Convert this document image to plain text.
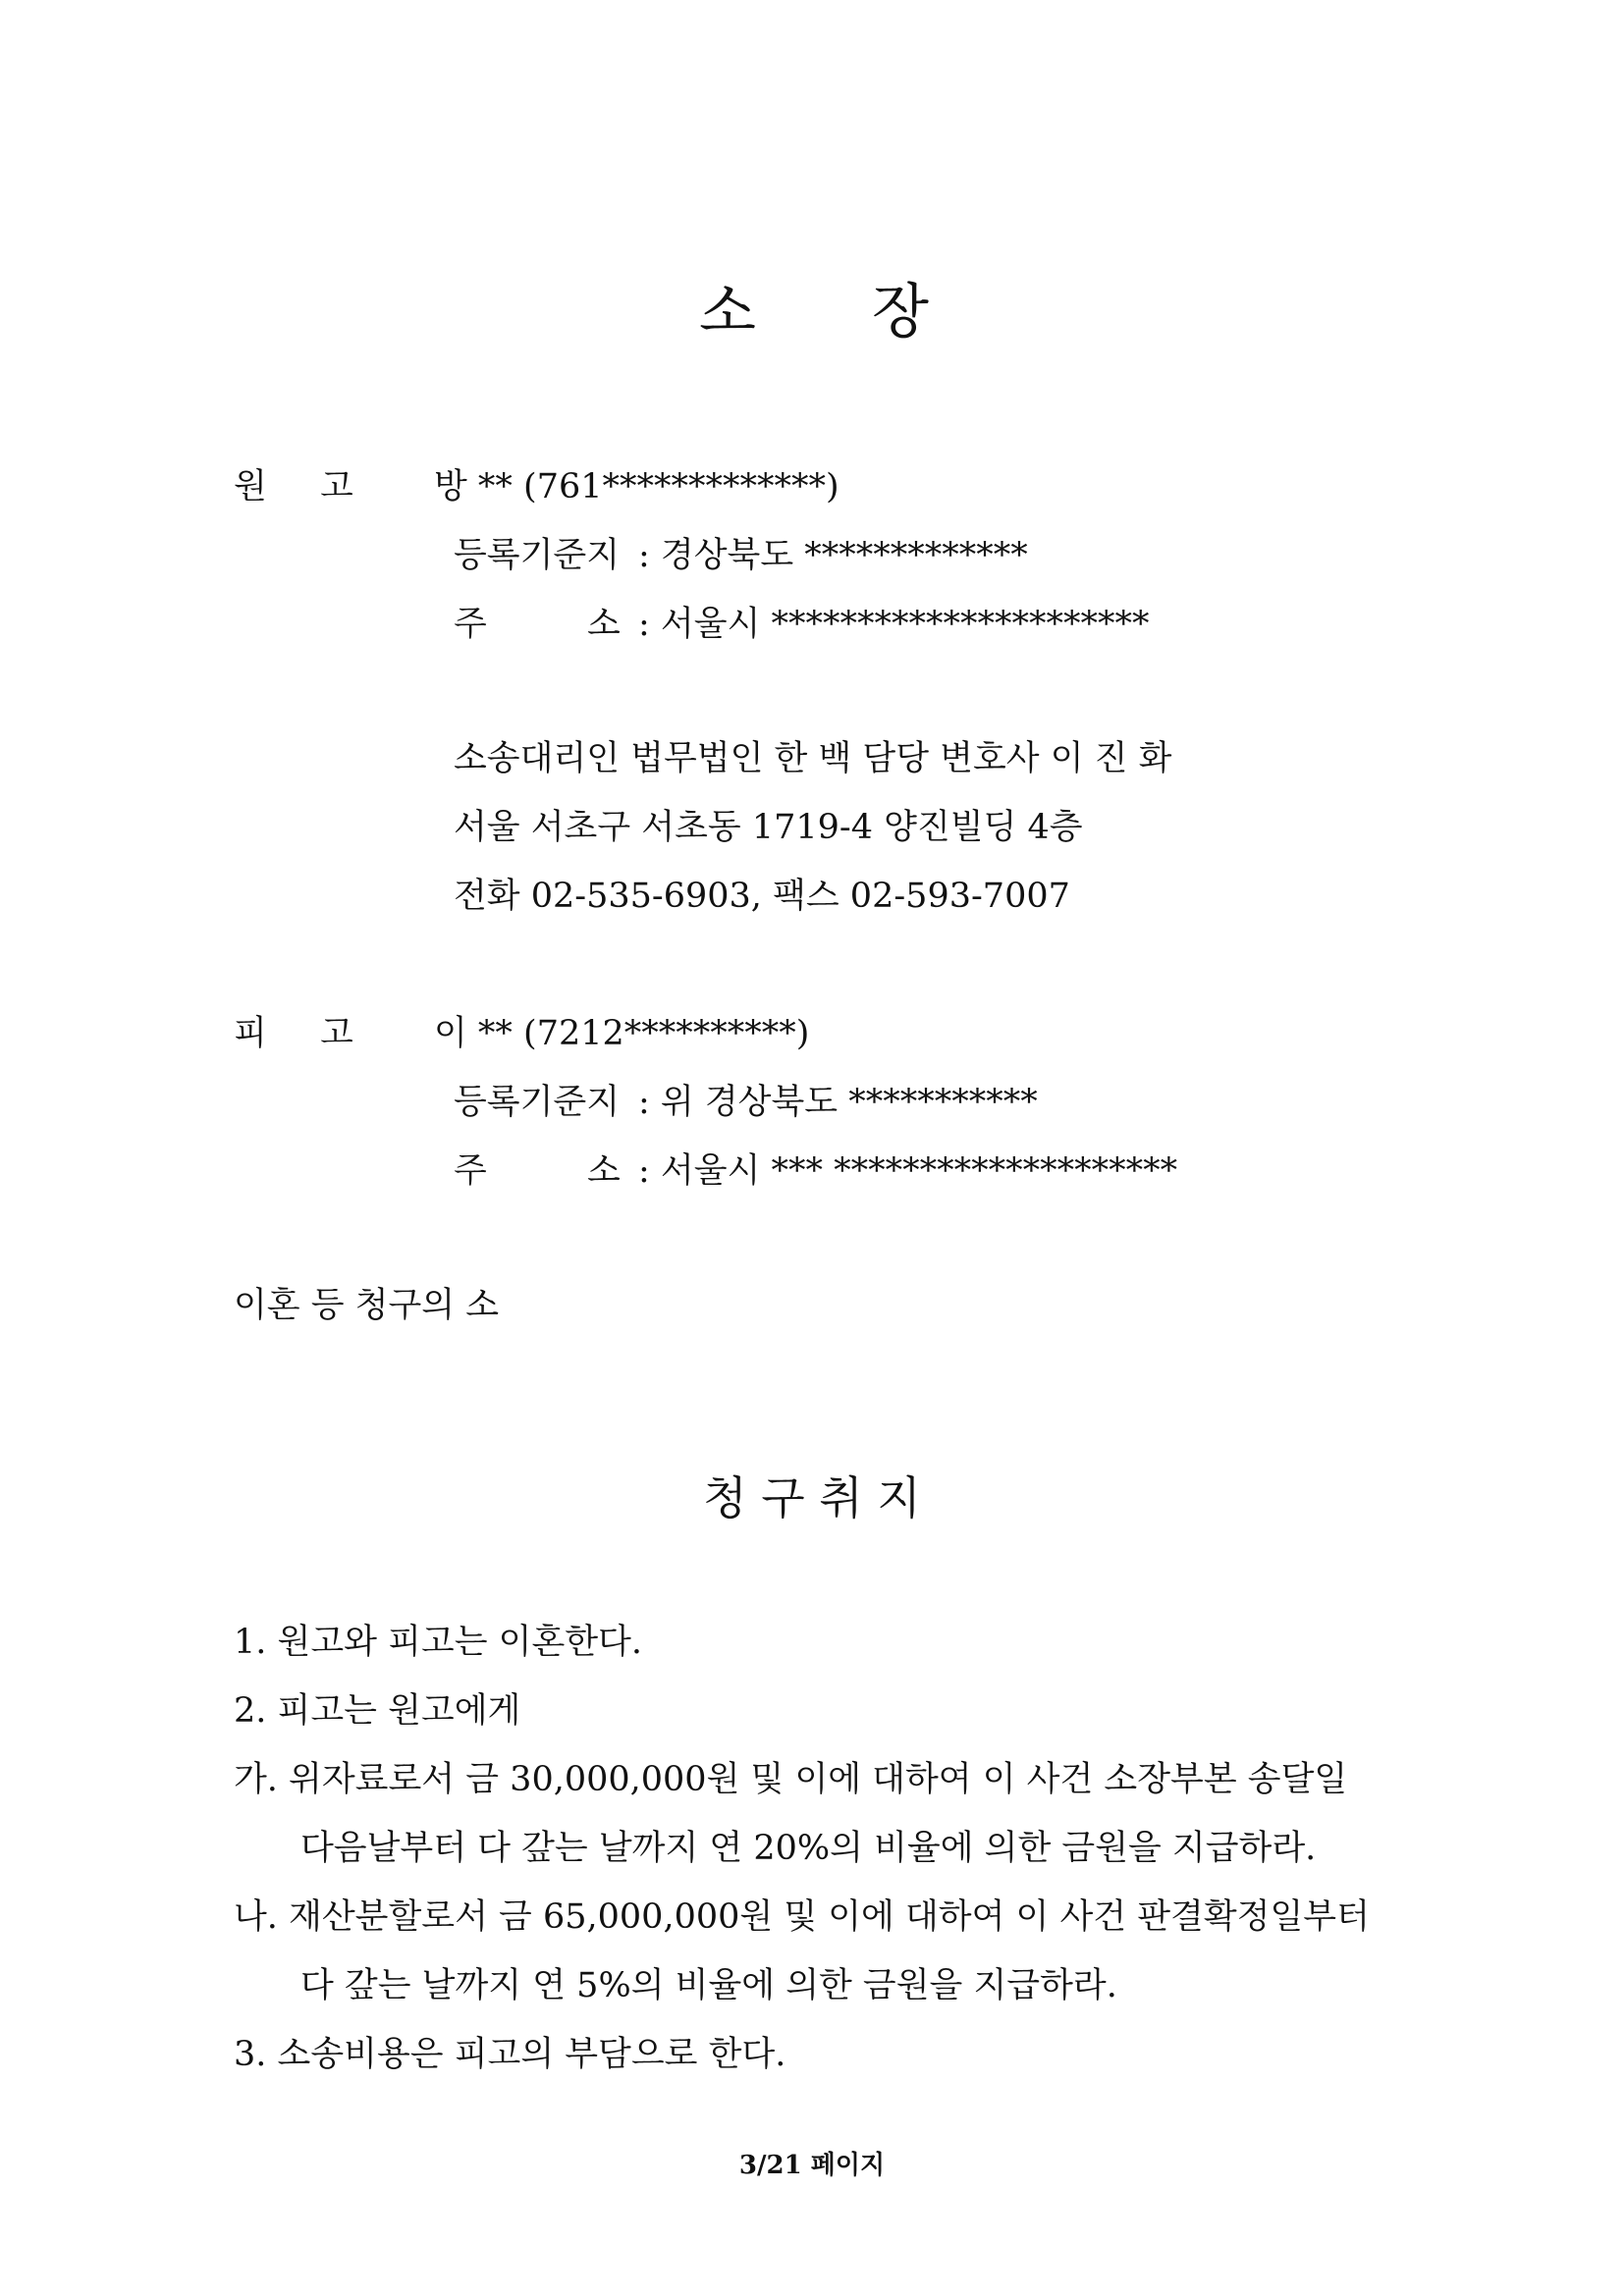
소 장
원 고 방 ** (761*************)
등록기준지 : 경상북도 *************
주	소 : 서울시 **********************
소송대리인 법무법인 한 백 담당 변호사 이 진 화
서울 서초구 서초동 1719-4 양진빌딩 4층
전화 02-535-6903, 팩스 02-593-7007
피 고 이 ** (7212**********)
등록기준지 : 위 경상북도 ***********
주	소 : 서울시 *** ********************
이혼 등 청구의 소
청 구 취 지
1. 원고와 피고는 이혼한다.
2. 피고는 원고에게
가. 위자료로서 금 30,000,000원 및 이에 대하여 이 사건 소장부본 송달일
다음날부터 다 갚는 날까지 연 20%의 비율에 의한 금원을 지급하라.
나. 재산분할로서 금 65,000,000원 및 이에 대하여 이 사건 판결확정일부터
다 갚는 날까지 연 5%의 비율에 의한 금원을 지급하라.
3. 소송비용은 피고의 부담으로 한다.
3/21 페이지
